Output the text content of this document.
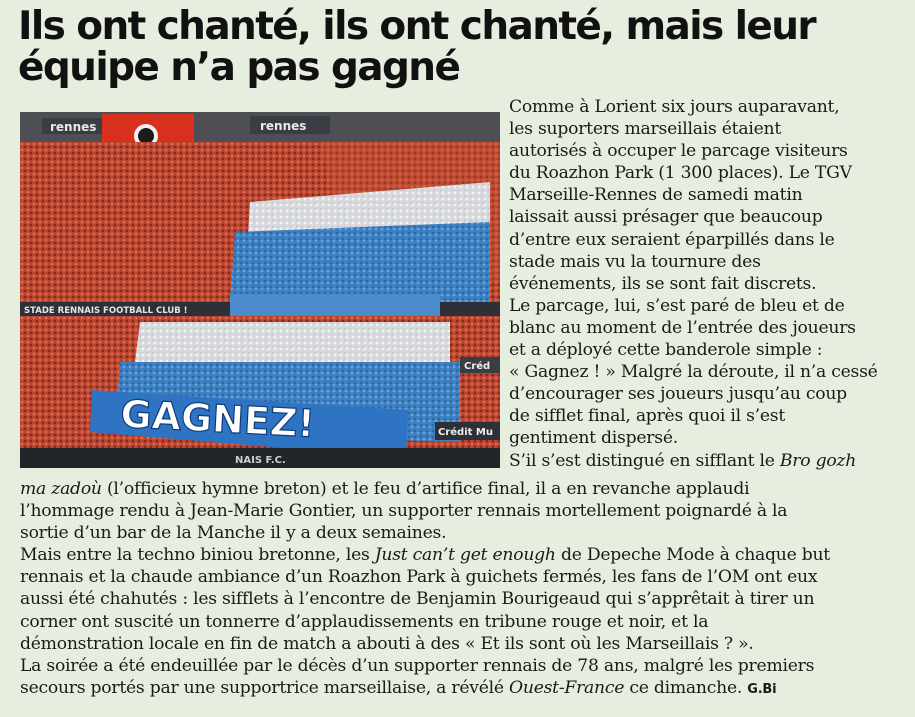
Ils ont chanté, ils ont chanté, mais leur
équipe n’a pas gagné
rennes	rennes
STADE RENNAIS FOOTBALL CLUB !
GAGNEZ!
Créd
Crédit Mu
NAIS F.C.
Comme à Lorient six jours auparavant,
les suporters marseillais étaient
autorisés à occuper le parcage visiteurs
du Roazhon Park (1 300 places). Le TGV
Marseille-Rennes de samedi matin
laissait aussi présager que beaucoup
d’entre eux seraient éparpillés dans le
stade mais vu la tournure des
événements, ils se sont fait discrets.
Le parcage, lui, s’est paré de bleu et de
blanc au moment de l’entrée des joueurs
et a déployé cette banderole simple :
« Gagnez ! » Malgré la déroute, il n’a cessé
d’encourager ses joueurs jusqu’au coup
de sifflet final, après quoi il s’est
gentiment dispersé.
S’il s’est distingué en sifflant le Bro gozh
ma zadoù (l’officieux hymne breton) et le feu d’artifice final, il a en revanche applaudi
l’hommage rendu à Jean-Marie Gontier, un supporter rennais mortellement poignardé à la
sortie d’un bar de la Manche il y a deux semaines.
Mais entre la techno biniou bretonne, les Just can’t get enough de Depeche Mode à chaque but
rennais et la chaude ambiance d’un Roazhon Park à guichets fermés, les fans de l’OM ont eux
aussi été chahutés : les sifflets à l’encontre de Benjamin Bourigeaud qui s’apprêtait à tirer un
corner ont suscité un tonnerre d’applaudissements en tribune rouge et noir, et la
démonstration locale en fin de match a abouti à des « Et ils sont où les Marseillais ? ».
La soirée a été endeuillée par le décès d’un supporter rennais de 78 ans, malgré les premiers
secours portés par une supportrice marseillaise, a révélé Ouest-France ce dimanche. G.Bi
